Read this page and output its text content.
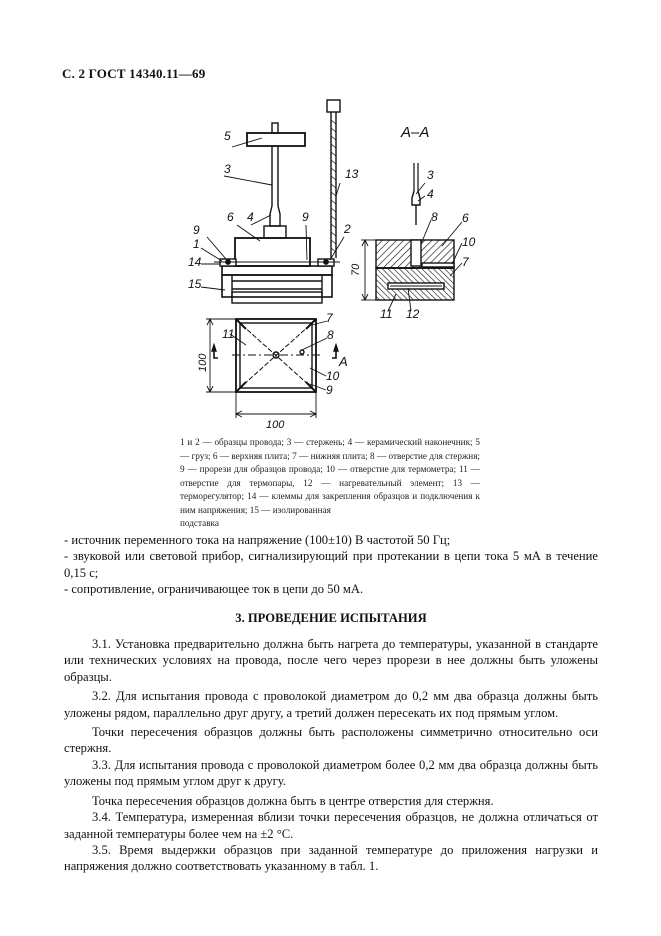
С. 2 ГОСТ 14340.11—69
5
3
6 4	9
13
2
9
1
14
15
А–А
3
4
8 6
10
7
11 12
70
7
8
11
10
9
А
100
100
1 и 2 — образцы провода; 3 — стержень; 4 — керамический наконечник; 5 — груз; 6 — верхняя плита; 7 — нижняя плита; 8 — отверстие для стержня; 9 — прорези для образцов провода; 10 — отверстие для термометра; 11 — отверстие для термопары, 12 — нагревательный элемент; 13 — терморегулятор; 14 — клеммы для закрепления образцов и подключения к ним напряжения; 15 — изолированная
подставка

- источник переменного тока на напряжение (100±10) В частотой 50 Гц;

- звуковой или световой прибор, сигнализирующий при протекании в цепи тока 5 мА в течение 0,15 с;

- сопротивление, ограничивающее ток в цепи до 50 мА.

3. ПРОВЕДЕНИЕ ИСПЫТАНИЯ

3.1. Установка предварительно должна быть нагрета до температуры, указанной в стандарте или технических условиях на провода, после чего через прорези в нее должны быть уложены образцы.

3.2. Для испытания провода с проволокой диаметром до 0,2 мм два образца должны быть уложены рядом, параллельно друг другу, а третий должен пересекать их под прямым углом.

Точки пересечения образцов должны быть расположены симметрично относительно оси стержня.

3.3. Для испытания провода с проволокой диаметром более 0,2 мм два образца должны быть уложены под прямым углом друг к другу.

Точка пересечения образцов должна быть в центре отверстия для стержня.

3.4. Температура, измеренная вблизи точки пересечения образцов, не должна отличаться от заданной температуры более чем на ±2 °С.

3.5. Время выдержки образцов при заданной температуре до приложения нагрузки и напряжения должно соответствовать указанному в табл. 1.
